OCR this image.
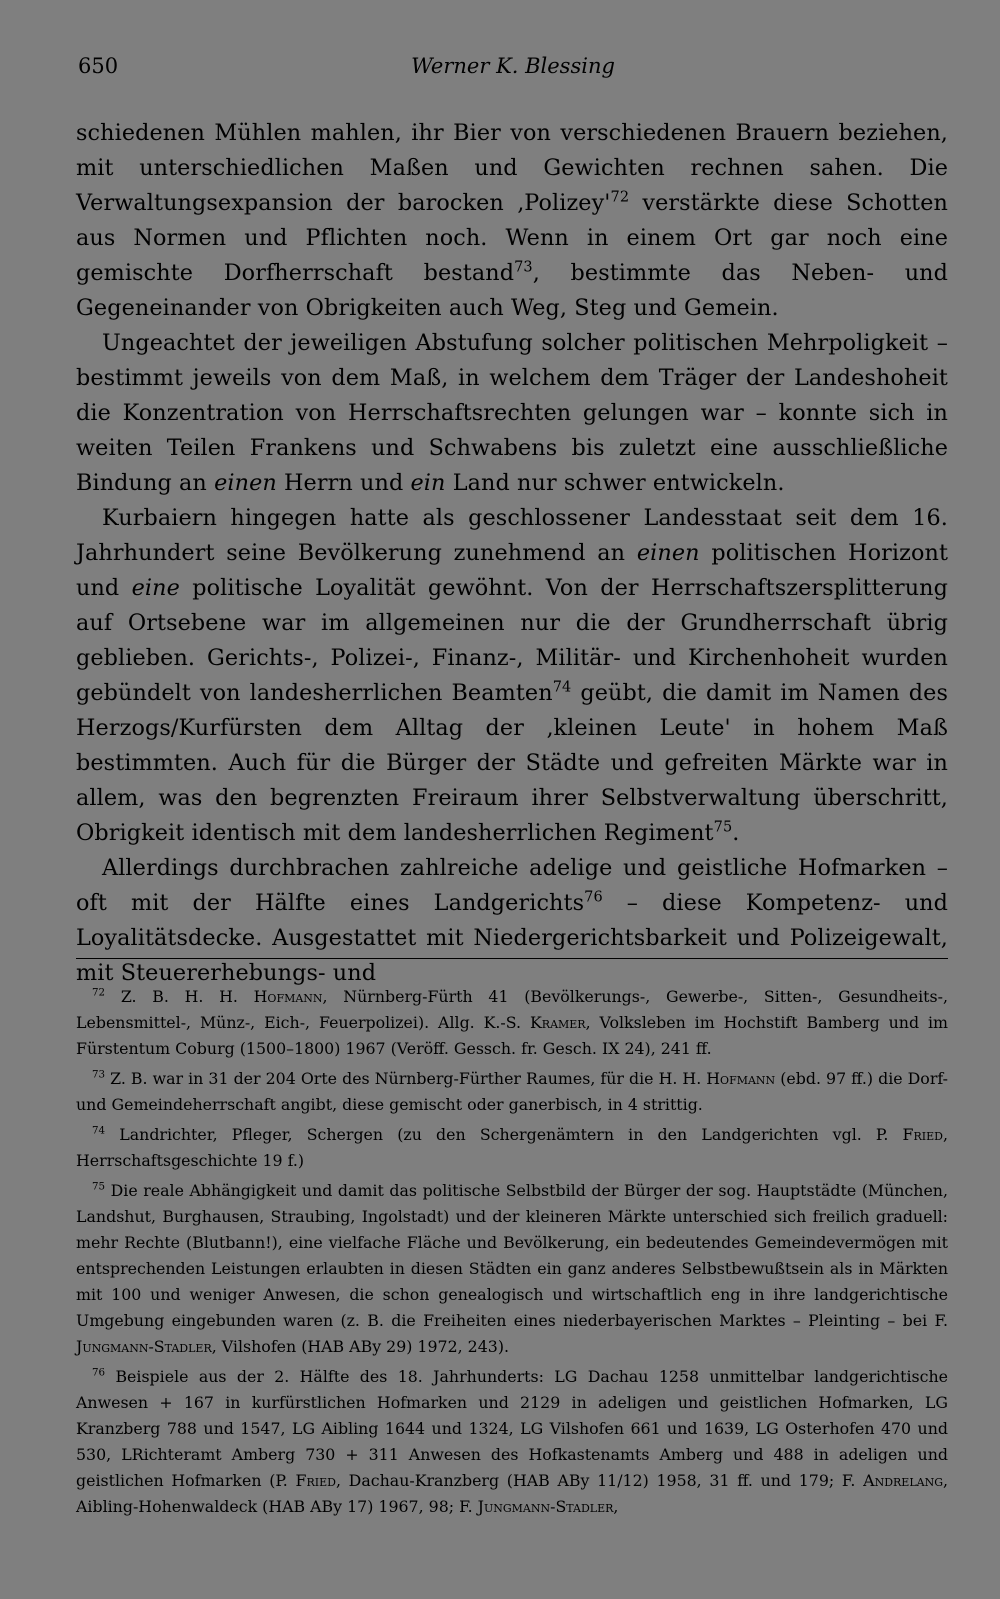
650	Werner K. Blessing

schiedenen Mühlen mahlen, ihr Bier von verschiedenen Brauern beziehen, mit unterschiedlichen Maßen und Gewichten rechnen sahen. Die Verwaltungsexpansion der barocken $‚Polizey'^{72}$ verstärkte diese Schotten aus Normen und Pflichten noch. Wenn in einem Ort gar noch eine gemischte Dorfherrschaft bestand$^{73}$, bestimmte das Neben- und Gegeneinander von Obrigkeiten auch Weg, Steg und Gemein.

Ungeachtet der jeweiligen Abstufung solcher politischen Mehrpoligkeit – bestimmt jeweils von dem Maß, in welchem dem Träger der Landeshoheit die Konzentration von Herrschaftsrechten gelungen war – konnte sich in weiten Teilen Frankens und Schwabens bis zuletzt eine ausschließliche Bindung an einen Herrn und ein Land nur schwer entwickeln.

Kurbaiern hingegen hatte als geschlossener Landesstaat seit dem 16. Jahrhundert seine Bevölkerung zunehmend an einen politischen Horizont und eine politische Loyalität gewöhnt. Von der Herrschaftszersplitterung auf Ortsebene war im allgemeinen nur die der Grundherrschaft übrig geblieben. Gerichts-, Polizei-, Finanz-, Militär- und Kirchenhoheit wurden gebündelt von landesherrlichen Beamten$^{74}$ geübt, die damit im Namen des Herzogs/Kurfürsten dem Alltag der ‚kleinen Leute' in hohem Maß bestimmten. Auch für die Bürger der Städte und gefreiten Märkte war in allem, was den begrenzten Freiraum ihrer Selbstverwaltung überschritt, Obrigkeit identisch mit dem landesherrlichen Regiment$^{75}$.

Allerdings durchbrachen zahlreiche adelige und geistliche Hofmarken – oft mit der Hälfte eines Landgerichts$^{76}$ – diese Kompetenz- und Loyalitätsdecke. Ausgestattet mit Niedergerichtsbarkeit und Polizeigewalt, mit Steuererhebungs- und

$^{72}$ Z. B. H. H. Hofmann, Nürnberg-Fürth 41 (Bevölkerungs-, Gewerbe-, Sitten-, Gesundheits-, Lebensmittel-, Münz-, Eich-, Feuerpolizei). Allg. K.-S. Kramer, Volksleben im Hochstift Bamberg und im Fürstentum Coburg (1500–1800) 1967 (Veröff. Gessch. fr. Gesch. IX 24), 241 ff.

$^{73}$ Z. B. war in 31 der 204 Orte des Nürnberg-Fürther Raumes, für die H. H. Hofmann (ebd. 97 ff.) die Dorf- und Gemeindeherrschaft angibt, diese gemischt oder ganerbisch, in 4 strittig.

$^{74}$ Landrichter, Pfleger, Schergen (zu den Schergenämtern in den Landgerichten vgl. P. Fried, Herrschaftsgeschichte 19 f.)

$^{75}$ Die reale Abhängigkeit und damit das politische Selbstbild der Bürger der sog. Hauptstädte (München, Landshut, Burghausen, Straubing, Ingolstadt) und der kleineren Märkte unterschied sich freilich graduell: mehr Rechte (Blutbann!), eine vielfache Fläche und Bevölkerung, ein bedeutendes Gemeindevermögen mit entsprechenden Leistungen erlaubten in diesen Städten ein ganz anderes Selbstbewußtsein als in Märkten mit 100 und weniger Anwesen, die schon genealogisch und wirtschaftlich eng in ihre landgerichtische Umgebung eingebunden waren (z. B. die Freiheiten eines niederbayerischen Marktes – Pleinting – bei F. Jungmann-Stadler, Vilshofen (HAB ABy 29) 1972, 243).

$^{76}$ Beispiele aus der 2. Hälfte des 18. Jahrhunderts: LG Dachau 1258 unmittelbar landgerichtische Anwesen + 167 in kurfürstlichen Hofmarken und 2129 in adeligen und geistlichen Hofmarken, LG Kranzberg 788 und 1547, LG Aibling 1644 und 1324, LG Vilshofen 661 und 1639, LG Osterhofen 470 und 530, LRichteramt Amberg 730 + 311 Anwesen des Hofkastenamts Amberg und 488 in adeligen und geistlichen Hofmarken (P. Fried, Dachau-Kranzberg (HAB ABy 11/12) 1958, 31 ff. und 179; F. Andrelang, Aibling-Hohenwaldeck (HAB ABy 17) 1967, 98; F. Jungmann-Stadler,
